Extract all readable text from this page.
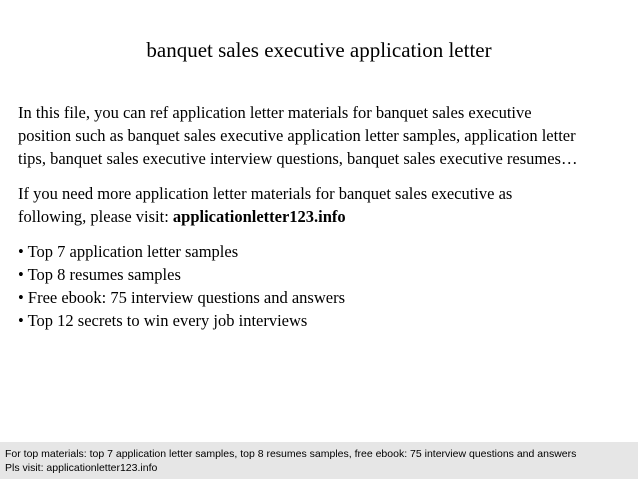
banquet sales executive application letter
In this file, you can ref application letter materials for banquet sales executive
position such as banquet sales executive application letter samples, application letter
tips, banquet sales executive interview questions, banquet sales executive resumes…
If you need more application letter materials for banquet sales executive as
following, please visit: applicationletter123.info
• Top 7 application letter samples
• Top 8 resumes samples
• Free ebook: 75 interview questions and answers
• Top 12 secrets to win every job interviews
For top materials: top 7 application letter samples, top 8 resumes samples, free ebook: 75 interview questions and answers
Pls visit: applicationletter123.info
